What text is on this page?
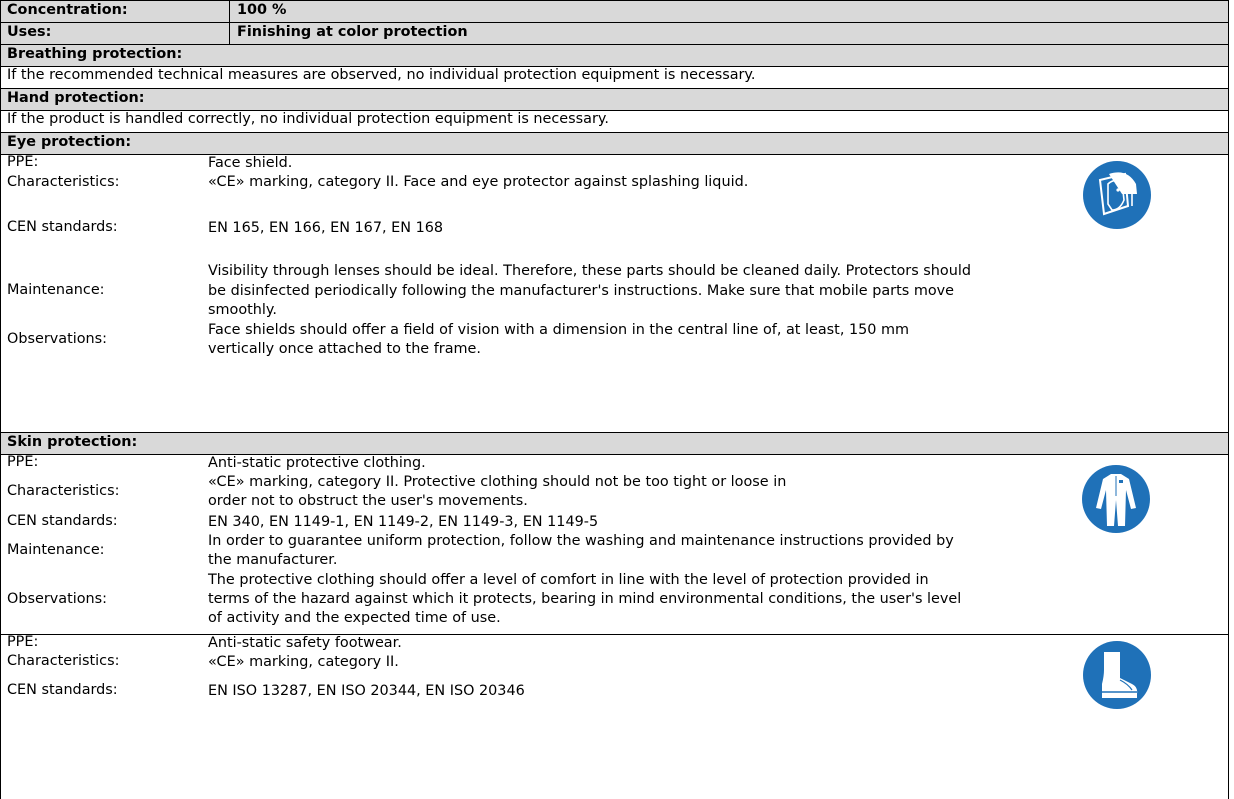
Concentration:	100 %
Uses:	Finishing at color protection
Breathing protection:
If the recommended technical measures are observed, no individual protection equipment is necessary.
Hand protection:
If the product is handled correctly, no individual protection equipment is necessary.
Eye protection:
PPE:	Face shield.
Characteristics:	«CE» marking, category II. Face and eye protector against splashing liquid.
CEN standards:	EN 165, EN 166, EN 167, EN 168
Maintenance:
Visibility through lenses should be ideal. Therefore, these parts should be cleaned daily. Protectors should
be disinfected periodically following the manufacturer's instructions. Make sure that mobile parts move
smoothly.
Observations:
Face shields should offer a field of vision with a dimension in the central line of, at least, 150 mm
vertically once attached to the frame.
Skin protection:
PPE:	Anti-static protective clothing.
Characteristics:
«CE» marking, category II. Protective clothing should not be too tight or loose in
order not to obstruct the user's movements.
CEN standards:	EN 340, EN 1149-1, EN 1149-2, EN 1149-3, EN 1149-5
Maintenance:
In order to guarantee uniform protection, follow the washing and maintenance instructions provided by
the manufacturer.
Observations:
The protective clothing should offer a level of comfort in line with the level of protection provided in
terms of the hazard against which it protects, bearing in mind environmental conditions, the user's level
of activity and the expected time of use.
PPE:	Anti-static safety footwear.
Characteristics:	«CE» marking, category II.
CEN standards:	EN ISO 13287, EN ISO 20344, EN ISO 20346
